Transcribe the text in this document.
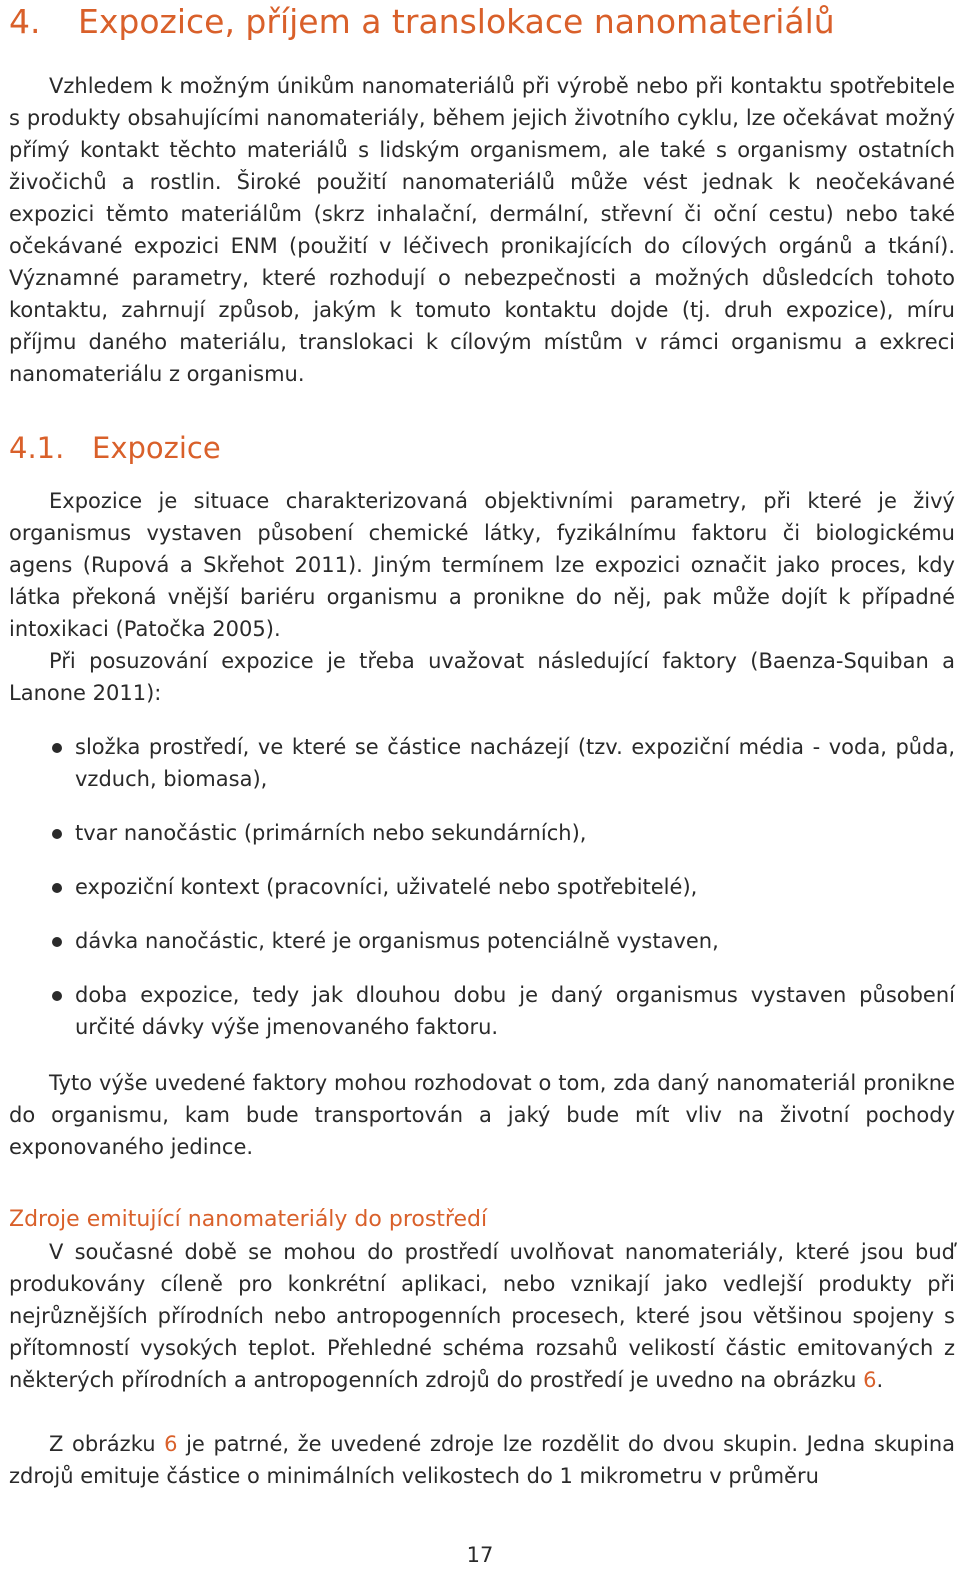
4. Expozice, příjem a translokace nanomateriálů

Vzhledem k možným únikům nanomateriálů při výrobě nebo při kontaktu spotřebitele s produkty obsahujícími nanomateriály, během jejich životního cyklu, lze očekávat možný přímý kontakt těchto materiálů s lidským organismem, ale také s organismy ostatních živočichů a rostlin. Široké použití nanomateriálů může vést jednak k neočekávané expozici těmto materiálům (skrz inhalační, dermální, střevní či oční cestu) nebo také očekávané expozici ENM (použití v léčivech pronikajících do cílových orgánů a tkání). Významné parametry, které rozhodují o nebezpečnosti a možných důsledcích tohoto kontaktu, zahrnují způsob, jakým k tomuto kontaktu dojde (tj. druh expozice), míru příjmu daného materiálu, translokaci k cílovým místům v rámci organismu a exkreci nanomateriálu z organismu.

4.1. Expozice

Expozice je situace charakterizovaná objektivními parametry, při které je živý organismus vystaven působení chemické látky, fyzikálnímu faktoru či biologickému agens (Rupová a Skřehot 2011). Jiným termínem lze expozici označit jako proces, kdy látka překoná vnější bariéru organismu a pronikne do něj, pak může dojít k případné intoxikaci (Patočka 2005).

Při posuzování expozice je třeba uvažovat následující faktory (Baenza-Squiban a Lanone 2011):

složka prostředí, ve které se částice nacházejí (tzv. expoziční média - voda, půda, vzduch, biomasa),
tvar nanočástic (primárních nebo sekundárních),
expoziční kontext (pracovníci, uživatelé nebo spotřebitelé),
dávka nanočástic, které je organismus potenciálně vystaven,
doba expozice, tedy jak dlouhou dobu je daný organismus vystaven působení určité dávky výše jmenovaného faktoru.

Tyto výše uvedené faktory mohou rozhodovat o tom, zda daný nanomateriál pronikne do organismu, kam bude transportován a jaký bude mít vliv na životní pochody exponovaného jedince.

Zdroje emitující nanomateriály do prostředí

V současné době se mohou do prostředí uvolňovat nanomateriály, které jsou buď produkovány cíleně pro konkrétní aplikaci, nebo vznikají jako vedlejší produkty při nejrůznějších přírodních nebo antropogenních procesech, které jsou většinou spojeny s přítomností vysokých teplot. Přehledné schéma rozsahů velikostí částic emitovaných z některých přírodních a antropogenních zdrojů do prostředí je uvedno na obrázku 6.

Z obrázku 6 je patrné, že uvedené zdroje lze rozdělit do dvou skupin. Jedna skupina zdrojů emituje částice o minimálních velikostech do 1 mikrometru v průměru

17
